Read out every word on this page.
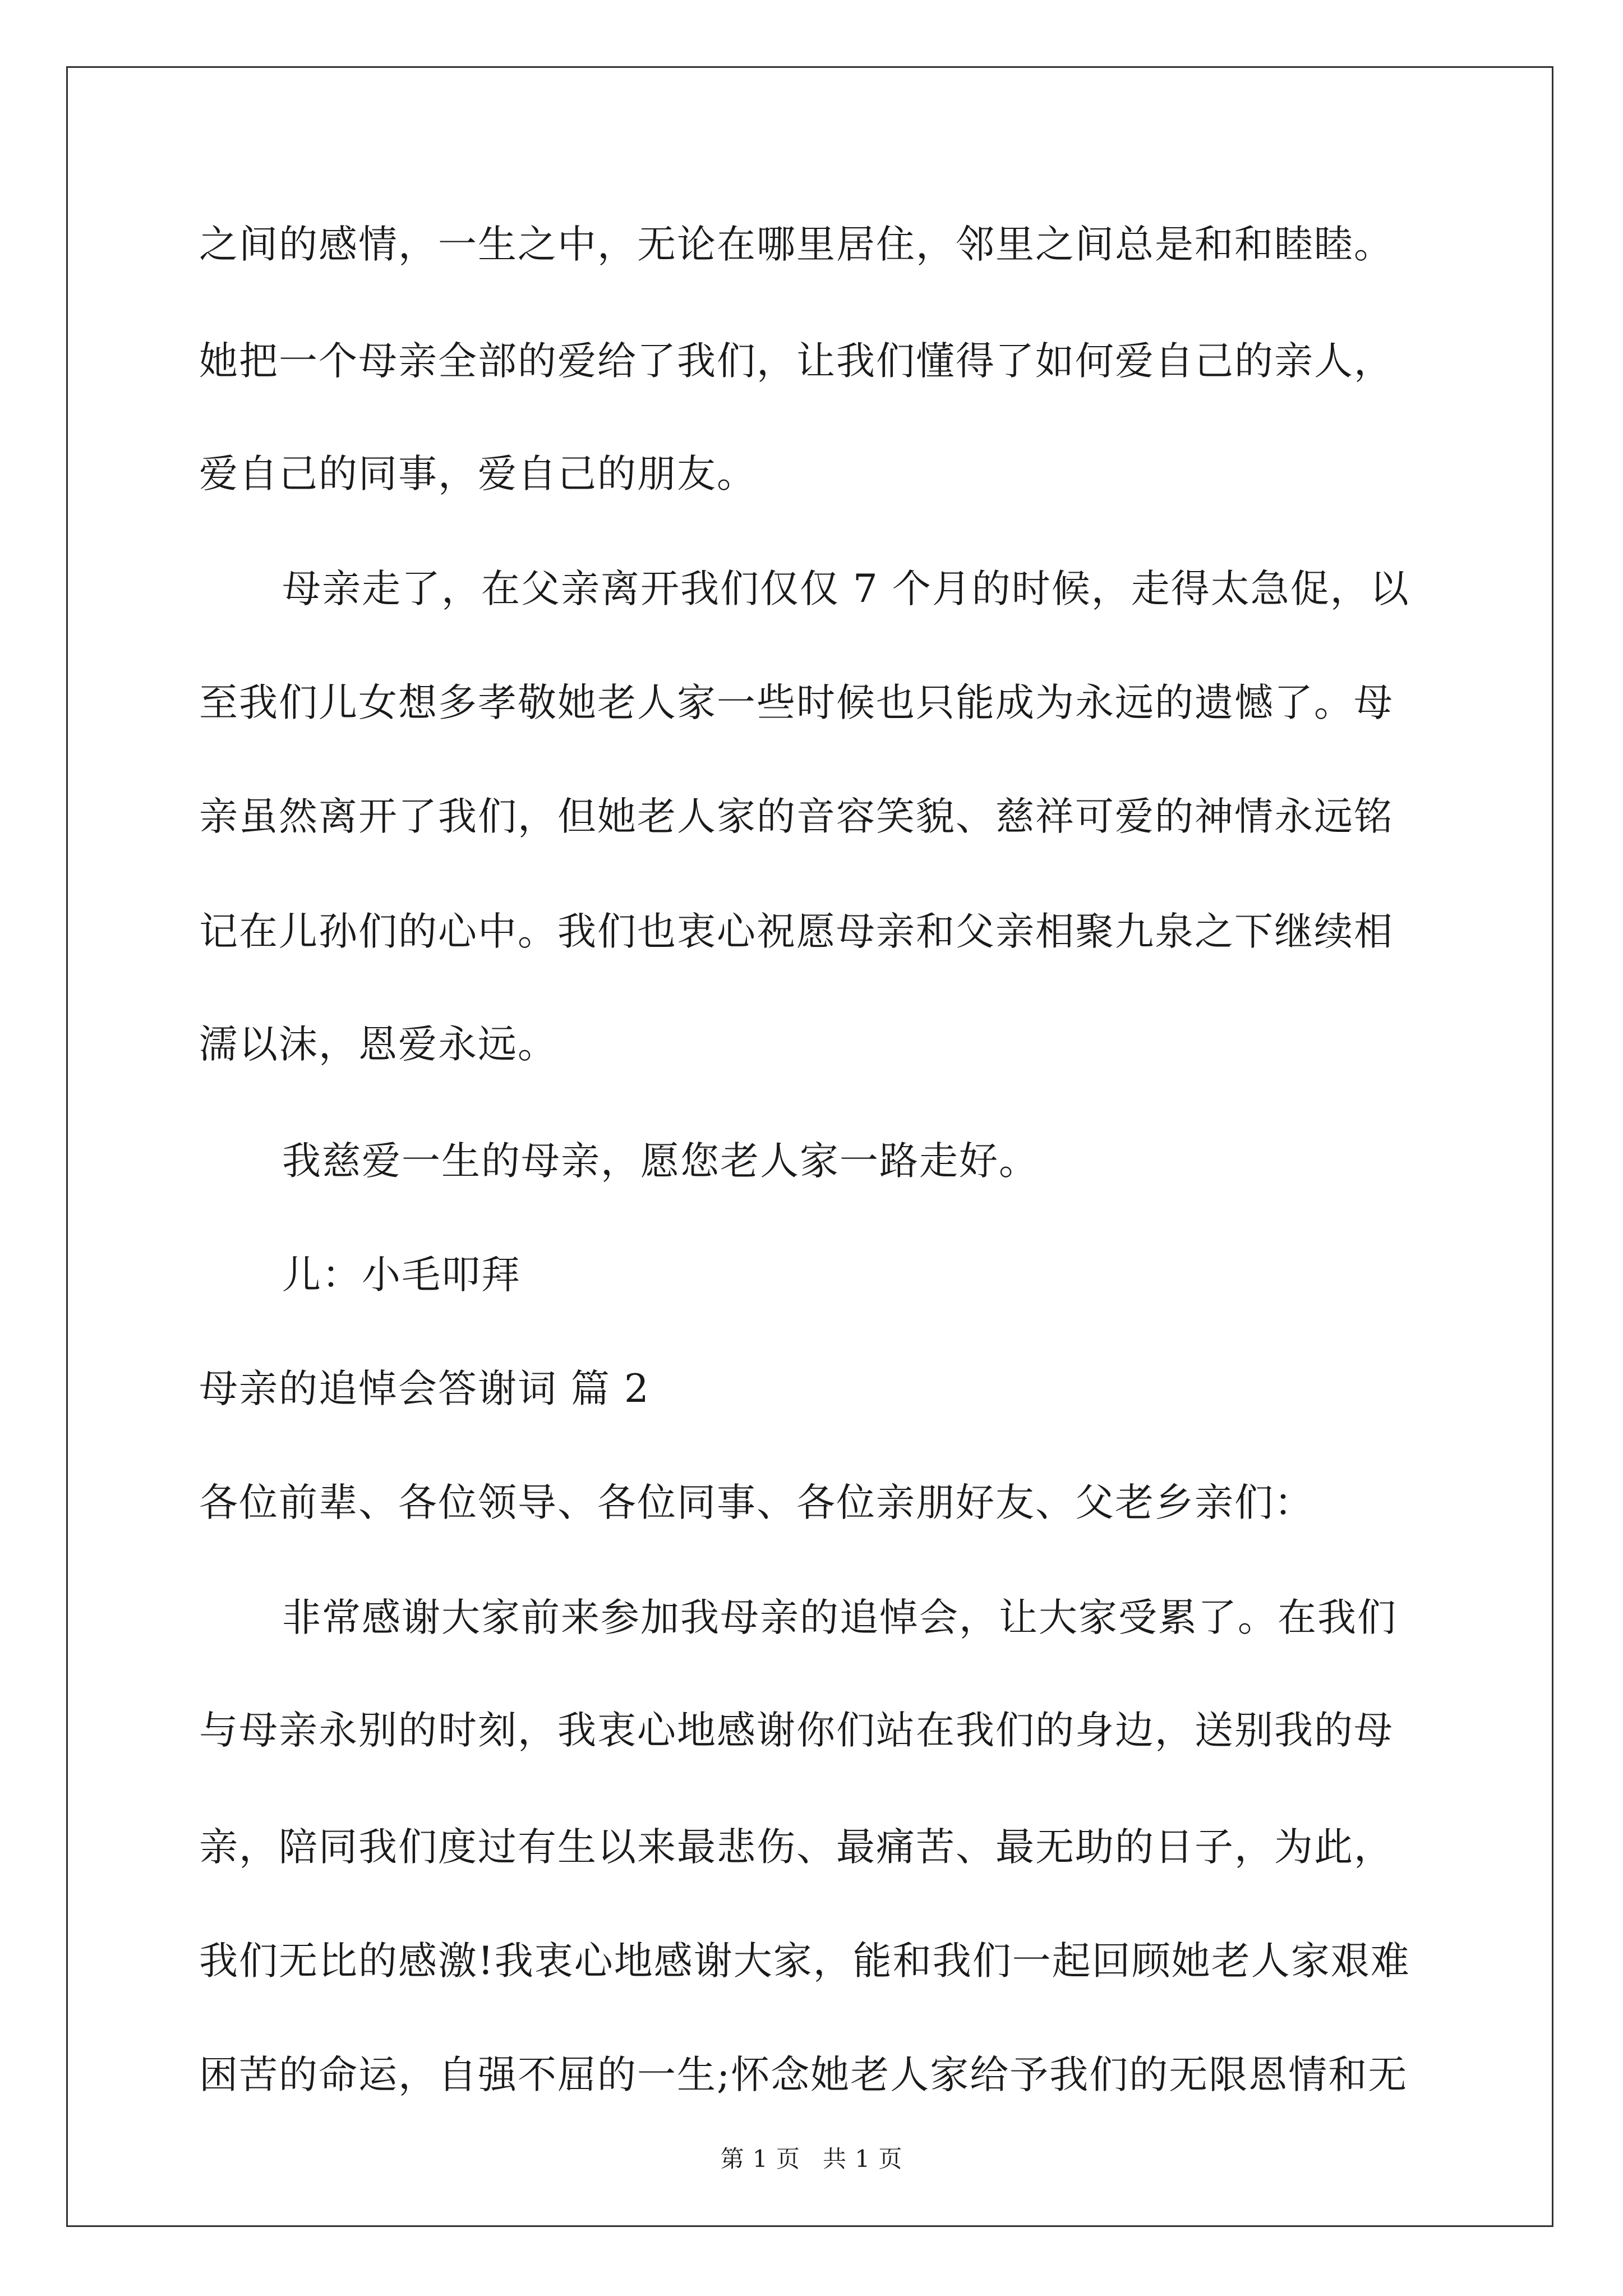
之间的感情，一生之中，无论在哪里居住，邻里之间总是和和睦睦。
她把一个母亲全部的爱给了我们，让我们懂得了如何爱自己的亲人，
爱自己的同事，爱自己的朋友。
母亲走了，在父亲离开我们仅仅 7 个月的时候，走得太急促，以
至我们儿女想多孝敬她老人家一些时候也只能成为永远的遗憾了。母
亲虽然离开了我们，但她老人家的音容笑貌、慈祥可爱的神情永远铭
记在儿孙们的心中。我们也衷心祝愿母亲和父亲相聚九泉之下继续相
濡以沫，恩爱永远。
我慈爱一生的母亲，愿您老人家一路走好。
儿：小毛叩拜
母亲的追悼会答谢词 篇 2
各位前辈、各位领导、各位同事、各位亲朋好友、父老乡亲们：
非常感谢大家前来参加我母亲的追悼会，让大家受累了。在我们
与母亲永别的时刻，我衷心地感谢你们站在我们的身边，送别我的母
亲，陪同我们度过有生以来最悲伤、最痛苦、最无助的日子，为此，
我们无比的感激!我衷心地感谢大家，能和我们一起回顾她老人家艰难
困苦的命运，自强不屈的一生;怀念她老人家给予我们的无限恩情和无
第 1 页 共 1 页
